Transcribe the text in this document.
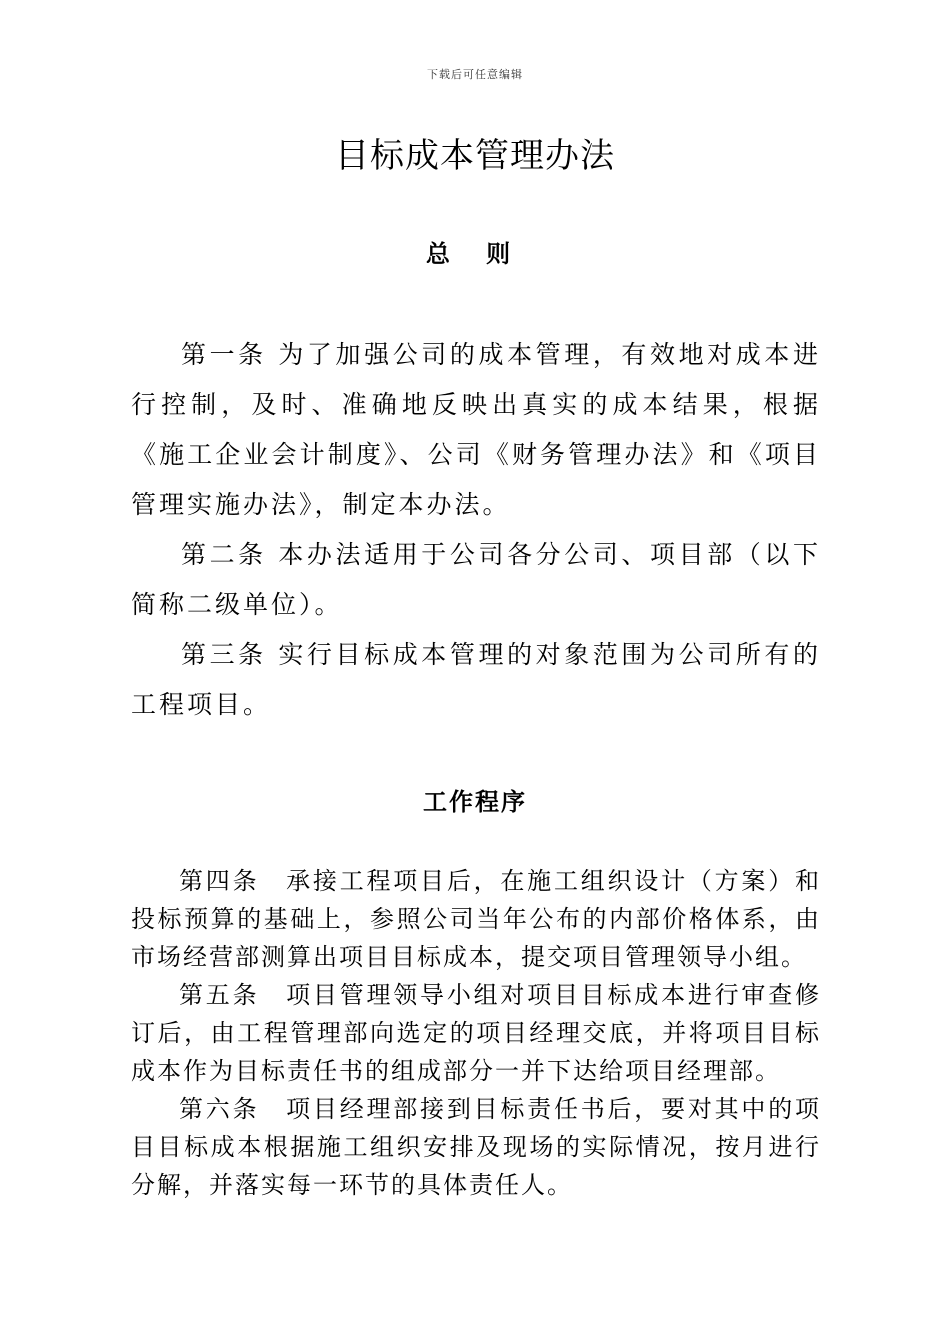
下载后可任意编辑
目标成本管理办法
总 则

第一条 为了加强公司的成本管理，有效地对成本进行控制，及时、准确地反映出真实的成本结果，根据《施工企业会计制度》、公司《财务管理办法》和《项目管理实施办法》，制定本办法。

第二条 本办法适用于公司各分公司、项目部（以下简称二级单位）。

第三条 实行目标成本管理的对象范围为公司所有的工程项目。

工作程序

第四条　承接工程项目后，在施工组织设计（方案）和投标预算的基础上，参照公司当年公布的内部价格体系，由市场经营部测算出项目目标成本，提交项目管理领导小组。

第五条　项目管理领导小组对项目目标成本进行审查修订后，由工程管理部向选定的项目经理交底，并将项目目标成本作为目标责任书的组成部分一并下达给项目经理部。

第六条　项目经理部接到目标责任书后，要对其中的项目目标成本根据施工组织安排及现场的实际情况，按月进行分解，并落实每一环节的具体责任人。
